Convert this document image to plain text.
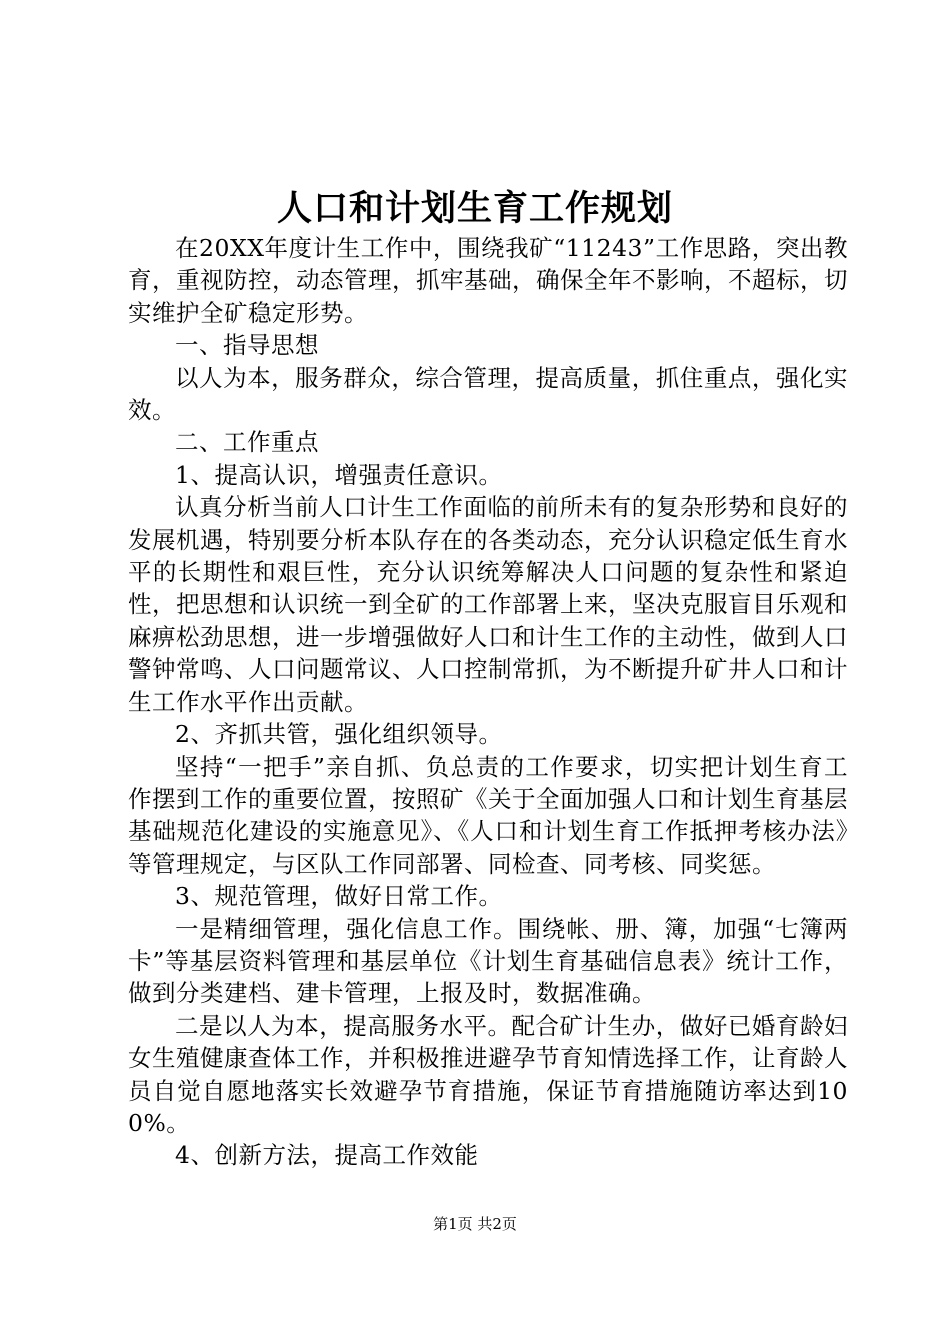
人口和计划生育工作规划

在20XX年度计生工作中，围绕我矿“11243”工作思路，突出教育，重视防控，动态管理，抓牢基础，确保全年不影响，不超标，切实维护全矿稳定形势。

一、指导思想

以人为本，服务群众，综合管理，提高质量，抓住重点，强化实效。

二、工作重点

1、提高认识，增强责任意识。

认真分析当前人口计生工作面临的前所未有的复杂形势和良好的发展机遇，特别要分析本队存在的各类动态，充分认识稳定低生育水平的长期性和艰巨性，充分认识统筹解决人口问题的复杂性和紧迫性，把思想和认识统一到全矿的工作部署上来，坚决克服盲目乐观和麻痹松劲思想，进一步增强做好人口和计生工作的主动性，做到人口警钟常鸣、人口问题常议、人口控制常抓，为不断提升矿井人口和计生工作水平作出贡献。

2、齐抓共管，强化组织领导。

坚持“一把手”亲自抓、负总责的工作要求，切实把计划生育工作摆到工作的重要位置，按照矿《关于全面加强人口和计划生育基层基础规范化建设的实施意见》、《人口和计划生育工作抵押考核办法》等管理规定，与区队工作同部署、同检查、同考核、同奖惩。

3、规范管理，做好日常工作。

一是精细管理，强化信息工作。围绕帐、册、簿，加强“七簿两卡”等基层资料管理和基层单位《计划生育基础信息表》统计工作，做到分类建档、建卡管理，上报及时，数据准确。

二是以人为本，提高服务水平。配合矿计生办，做好已婚育龄妇女生殖健康查体工作，并积极推进避孕节育知情选择工作，让育龄人员自觉自愿地落实长效避孕节育措施，保证节育措施随访率达到100%。

4、创新方法，提高工作效能

第1页 共2页
